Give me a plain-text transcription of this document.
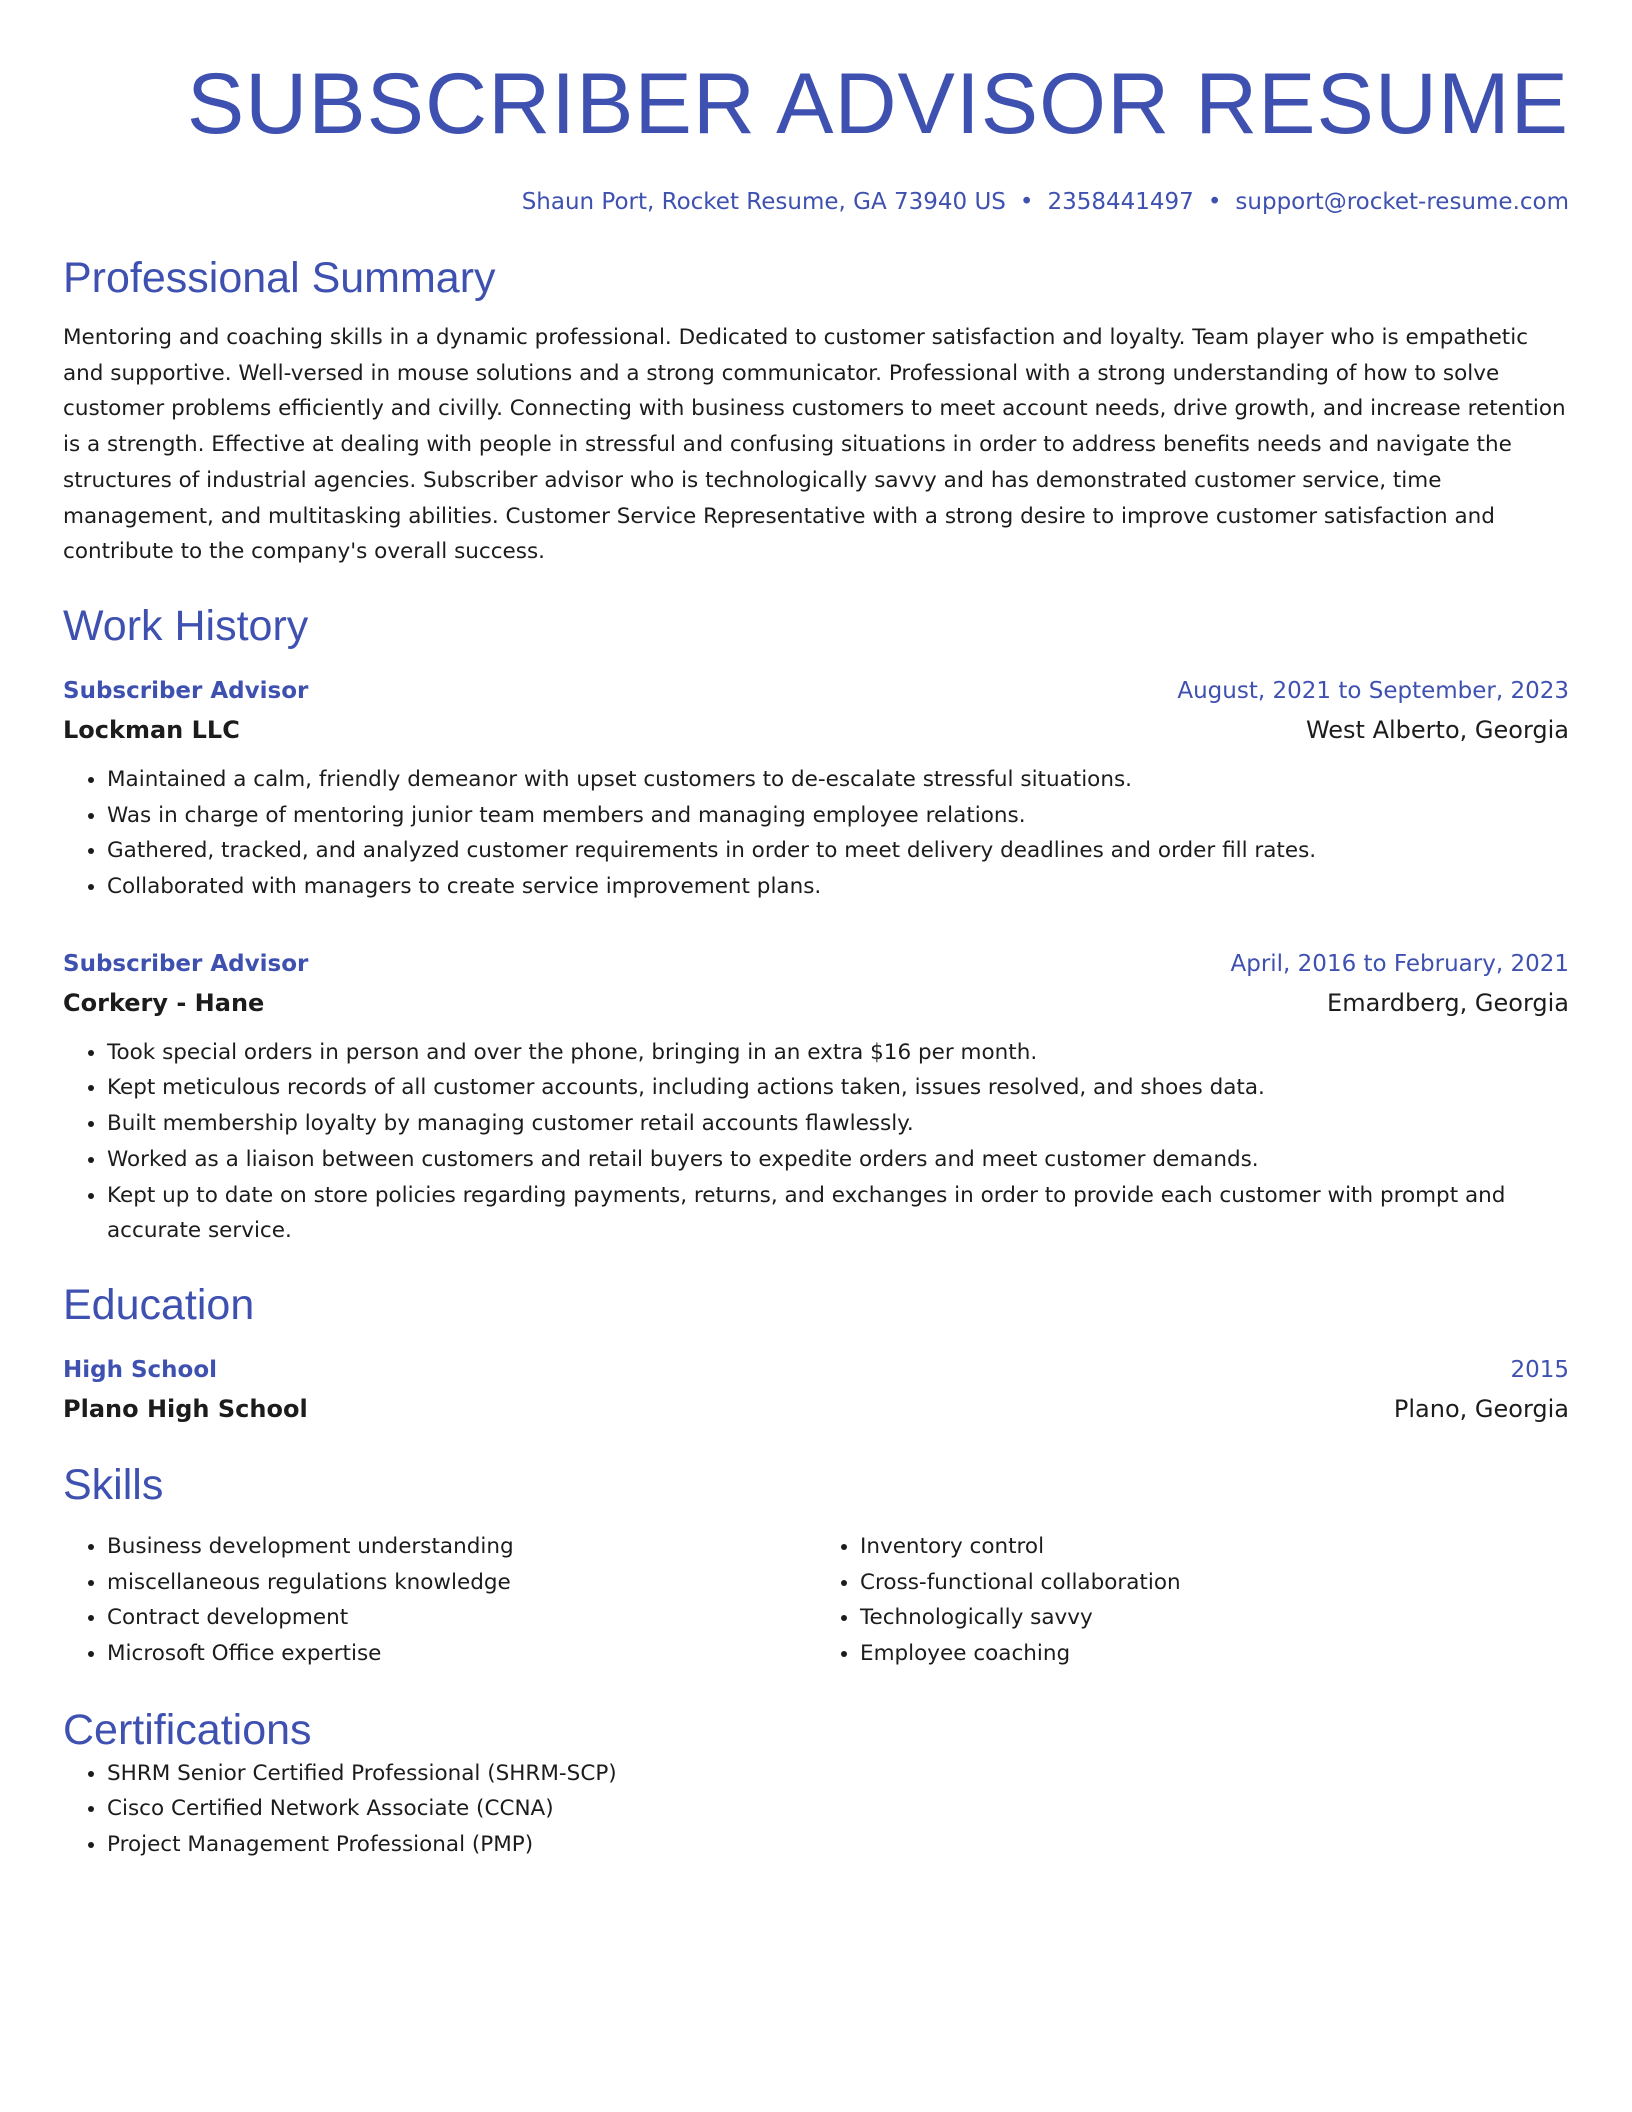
SUBSCRIBER ADVISOR RESUME
Shaun Port, Rocket Resume, GA 73940 US • 2358441497 • support@rocket-resume.com
Professional Summary
Mentoring and coaching skills in a dynamic professional. Dedicated to customer satisfaction and loyalty. Team player who is empathetic and supportive. Well-versed in mouse solutions and a strong communicator. Professional with a strong understanding of how to solve customer problems efficiently and civilly. Connecting with business customers to meet account needs, drive growth, and increase retention is a strength. Effective at dealing with people in stressful and confusing situations in order to address benefits needs and navigate the structures of industrial agencies. Subscriber advisor who is technologically savvy and has demonstrated customer service, time management, and multitasking abilities. Customer Service Representative with a strong desire to improve customer satisfaction and contribute to the company's overall success.
Work History
Subscriber Advisor	August, 2021 to September, 2023
Lockman LLC	West Alberto, Georgia
• Maintained a calm, friendly demeanor with upset customers to de-escalate stressful situations.
• Was in charge of mentoring junior team members and managing employee relations.
• Gathered, tracked, and analyzed customer requirements in order to meet delivery deadlines and order fill rates.
• Collaborated with managers to create service improvement plans.
Subscriber Advisor	April, 2016 to February, 2021
Corkery - Hane	Emardberg, Georgia
• Took special orders in person and over the phone, bringing in an extra $16 per month.
• Kept meticulous records of all customer accounts, including actions taken, issues resolved, and shoes data.
• Built membership loyalty by managing customer retail accounts flawlessly.
• Worked as a liaison between customers and retail buyers to expedite orders and meet customer demands.
• Kept up to date on store policies regarding payments, returns, and exchanges in order to provide each customer with prompt and accurate service.
Education
High School	2015
Plano High School	Plano, Georgia
Skills
• Business development understanding
• miscellaneous regulations knowledge
• Contract development
• Microsoft Office expertise
• Inventory control
• Cross-functional collaboration
• Technologically savvy
• Employee coaching
Certifications
• SHRM Senior Certified Professional (SHRM-SCP)
• Cisco Certified Network Associate (CCNA)
• Project Management Professional (PMP)
